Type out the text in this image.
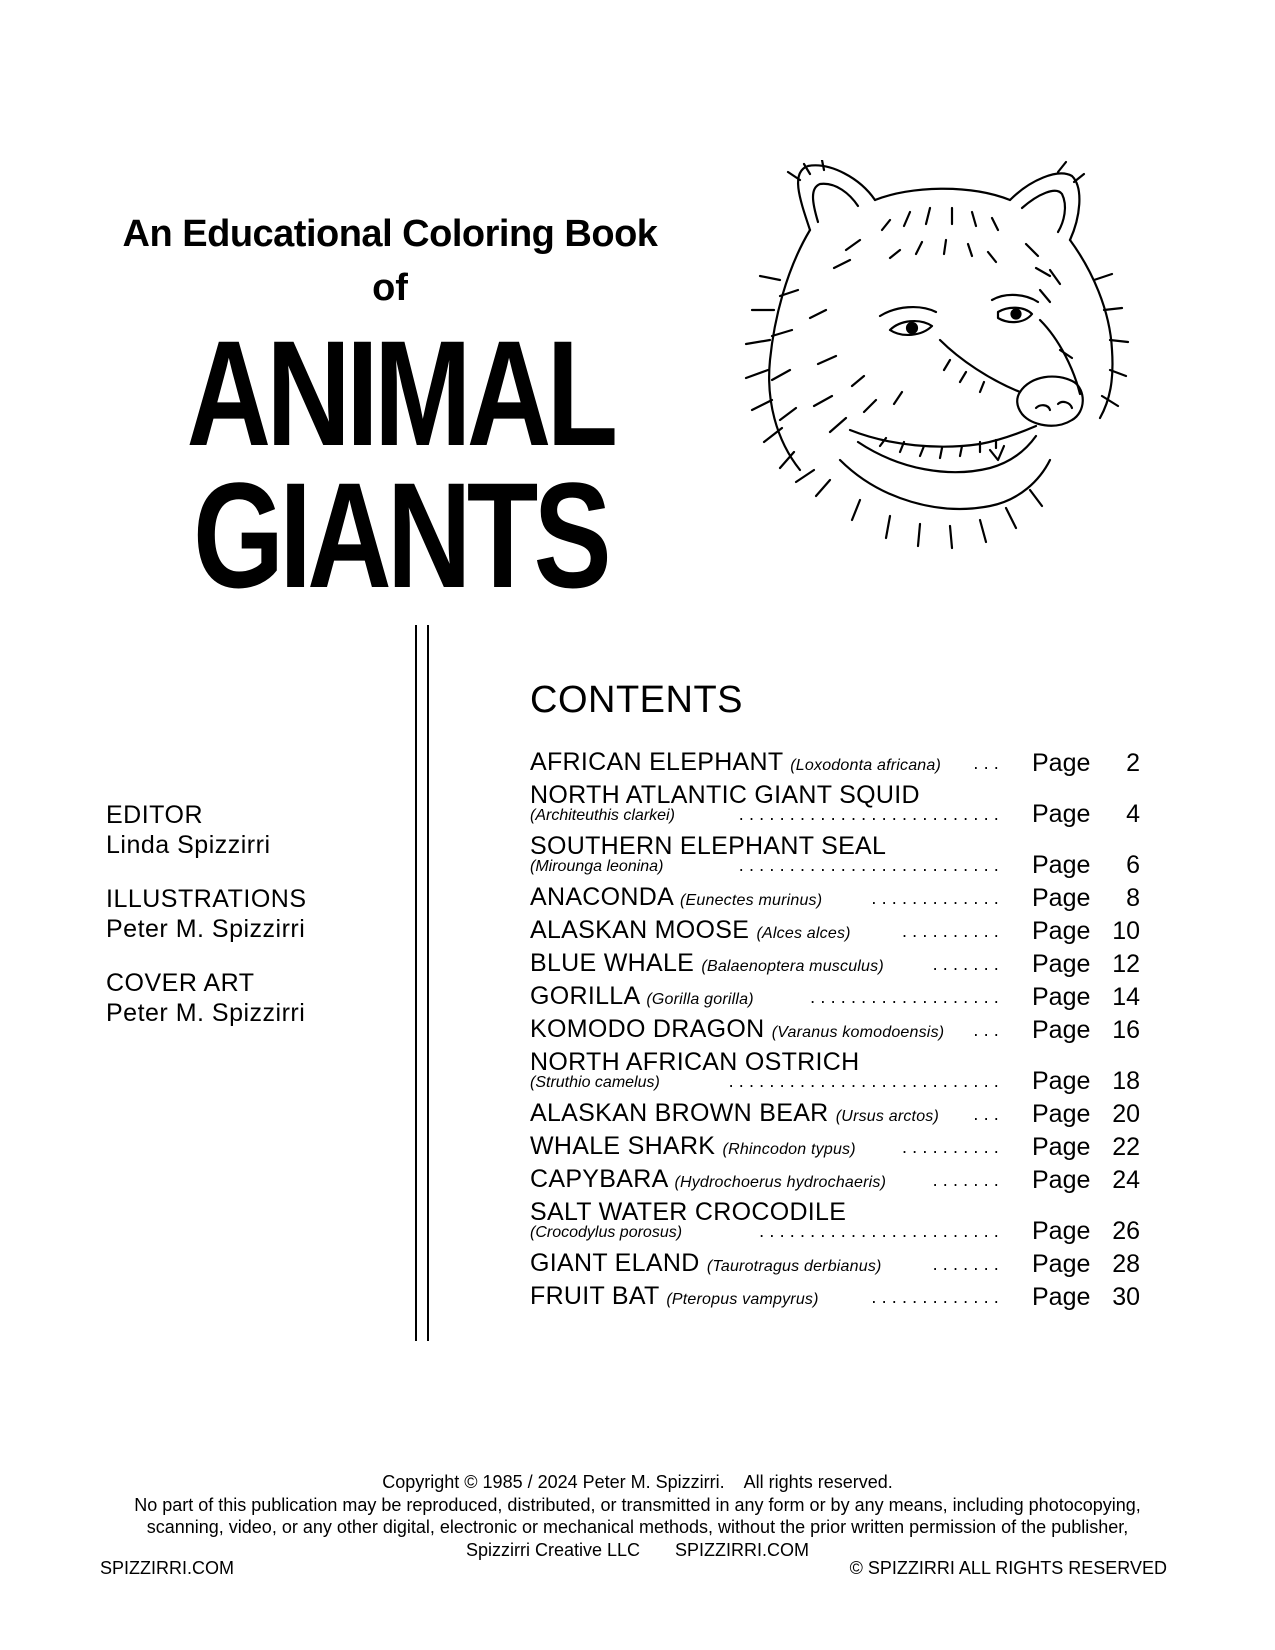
An Educational Coloring Book
of
ANIMAL
GIANTS
EDITOR
Linda Spizzirri
ILLUSTRATIONS
Peter M. Spizzirri
COVER ART
Peter M. Spizzirri
CONTENTS
AFRICAN ELEPHANT (Loxodonta africana) ... Page	2
NORTH ATLANTIC GIANT SQUID
(Architeuthis clarkei)	.......................... Page	4
SOUTHERN ELEPHANT SEAL
(Mirounga leonina)	.......................... Page	6
ANACONDA (Eunectes murinus)	............. Page	8
ALASKAN MOOSE (Alces alces)	.......... Page 10
BLUE WHALE (Balaenoptera musculus)	....... Page 12
GORILLA (Gorilla gorilla)	................... Page 14
KOMODO DRAGON (Varanus komodoensis) ... Page 16
NORTH AFRICAN OSTRICH
(Struthio camelus)	........................... Page 18
ALASKAN BROWN BEAR (Ursus arctos) ... Page 20
WHALE SHARK (Rhincodon typus)	.......... Page 22
CAPYBARA (Hydrochoerus hydrochaeris)	....... Page 24
SALT WATER CROCODILE
(Crocodylus porosus)	........................ Page 26
GIANT ELAND (Taurotragus derbianus)	....... Page 28
FRUIT BAT (Pteropus vampyrus)	............. Page 30
Copyright © 1985 / 2024 Peter M. Spizzirri.    All rights reserved.
No part of this publication may be reproduced, distributed, or transmitted in any form or by any means, including photocopying,
scanning, video, or any other digital, electronic or mechanical methods, without the prior written permission of the publisher,
Spizzirri Creative LLC       SPIZZIRRI.COM
SPIZZIRRI.COM	© SPIZZIRRI ALL RIGHTS RESERVED
